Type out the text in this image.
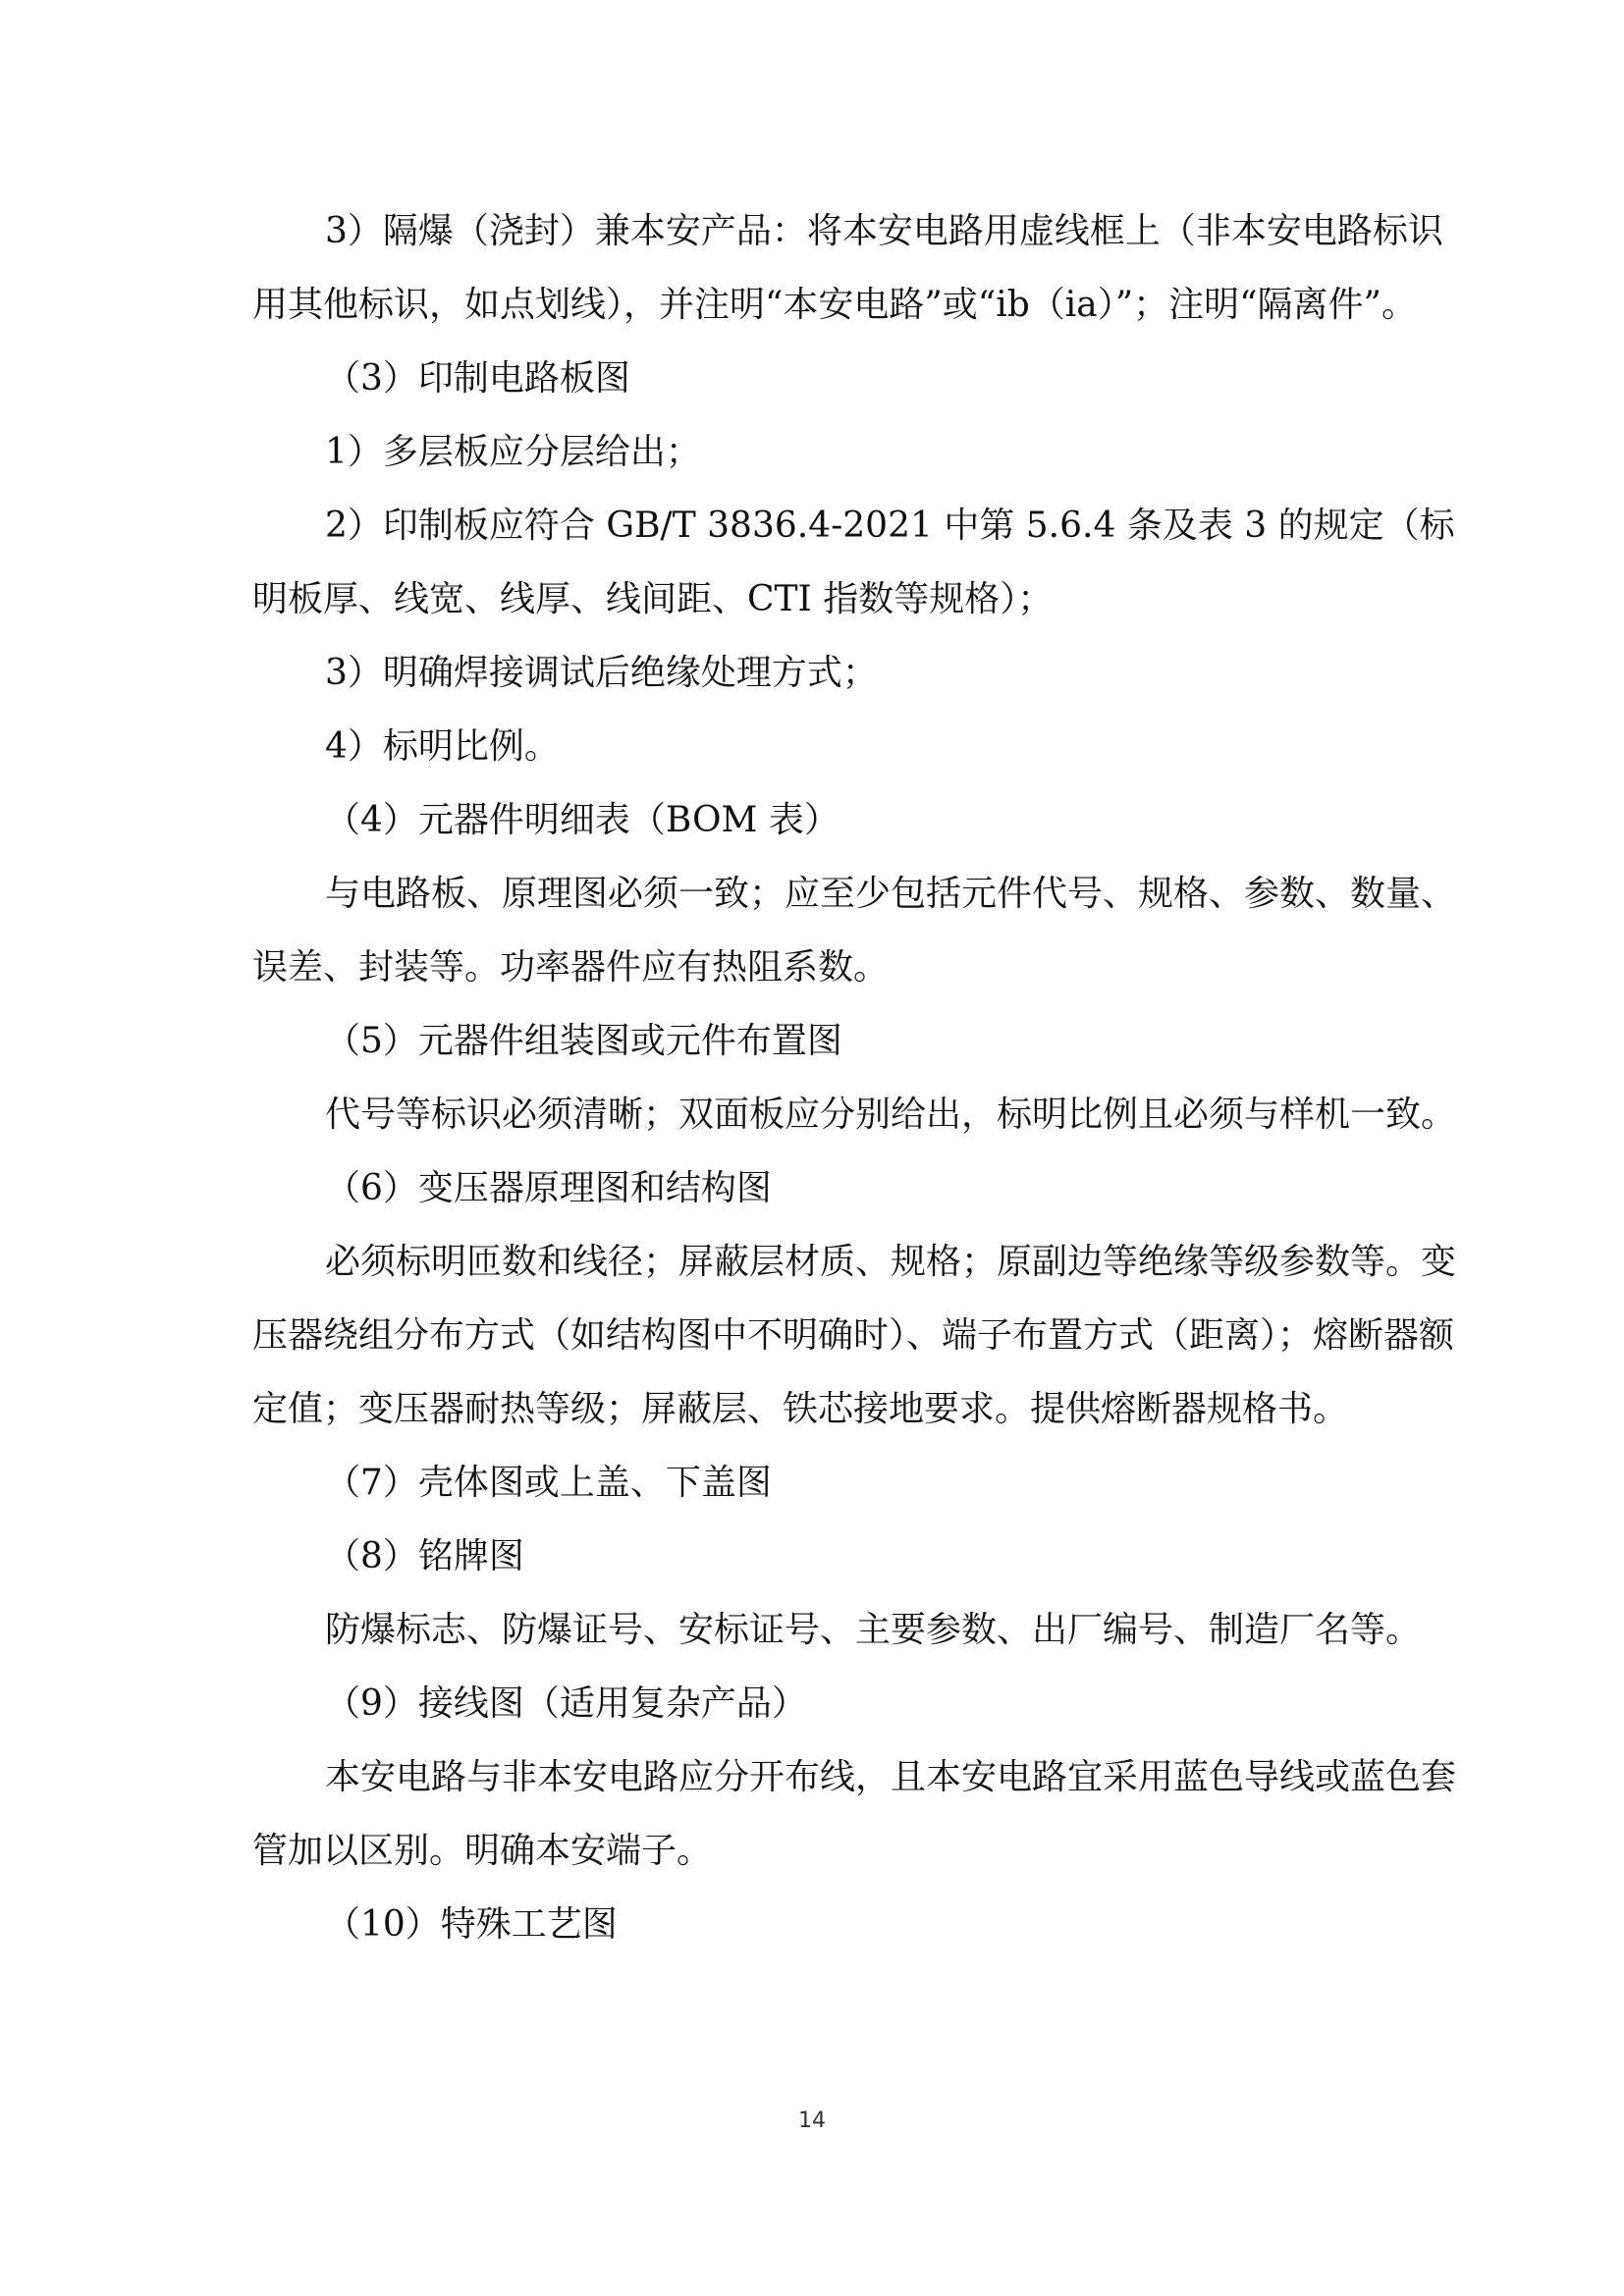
3）隔爆（浇封）兼本安产品：将本安电路用虚线框上（非本安电路标识用其他标识，如点划线），并注明“本安电路”或“ib（ia）”；注明“隔离件”。

（3）印制电路板图

1）多层板应分层给出；

2）印制板应符合 GB/T 3836.4-2021 中第 5.6.4 条及表 3 的规定（标明板厚、线宽、线厚、线间距、CTI 指数等规格）；

3）明确焊接调试后绝缘处理方式；

4）标明比例。

（4）元器件明细表（BOM 表）

与电路板、原理图必须一致；应至少包括元件代号、规格、参数、数量、误差、封装等。功率器件应有热阻系数。

（5）元器件组装图或元件布置图

代号等标识必须清晰；双面板应分别给出，标明比例且必须与样机一致。

（6）变压器原理图和结构图

必须标明匝数和线径；屏蔽层材质、规格；原副边等绝缘等级参数等。变压器绕组分布方式（如结构图中不明确时）、端子布置方式（距离）；熔断器额定值；变压器耐热等级；屏蔽层、铁芯接地要求。提供熔断器规格书。

（7）壳体图或上盖、下盖图

（8）铭牌图

防爆标志、防爆证号、安标证号、主要参数、出厂编号、制造厂名等。

（9）接线图（适用复杂产品）

本安电路与非本安电路应分开布线，且本安电路宜采用蓝色导线或蓝色套管加以区别。明确本安端子。

（10）特殊工艺图

14
